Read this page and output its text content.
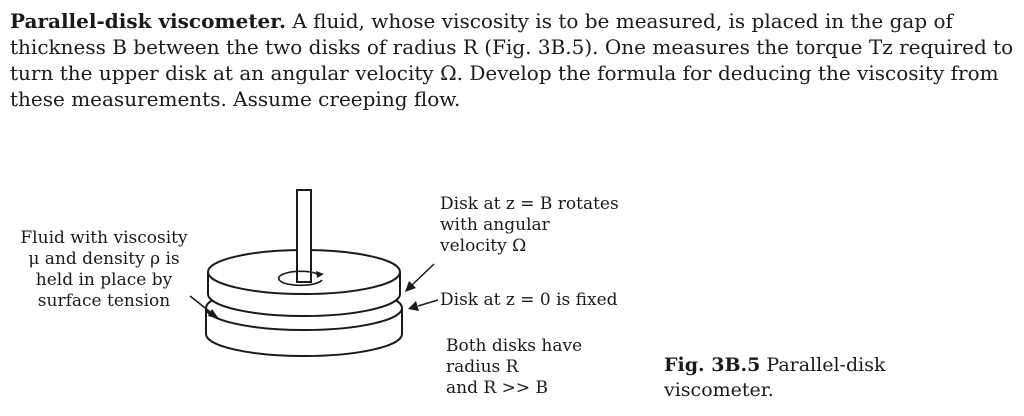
Parallel-disk viscometer. A fluid, whose viscosity is to be measured, is placed in the gap of thickness B between the two disks of radius R (Fig. 3B.5). One measures the torque Tz required to turn the upper disk at an angular velocity Ω. Develop the formula for deducing the viscosity from these measurements. Assume creeping flow.

Fluid with viscosity
μ and density ρ is
held in place by
surface tension
Disk at z = B rotates
with angular
velocity Ω
Disk at z = 0 is fixed
Both disks have
radius R
and R >> B
Fig. 3B.5 Parallel-disk viscometer.
